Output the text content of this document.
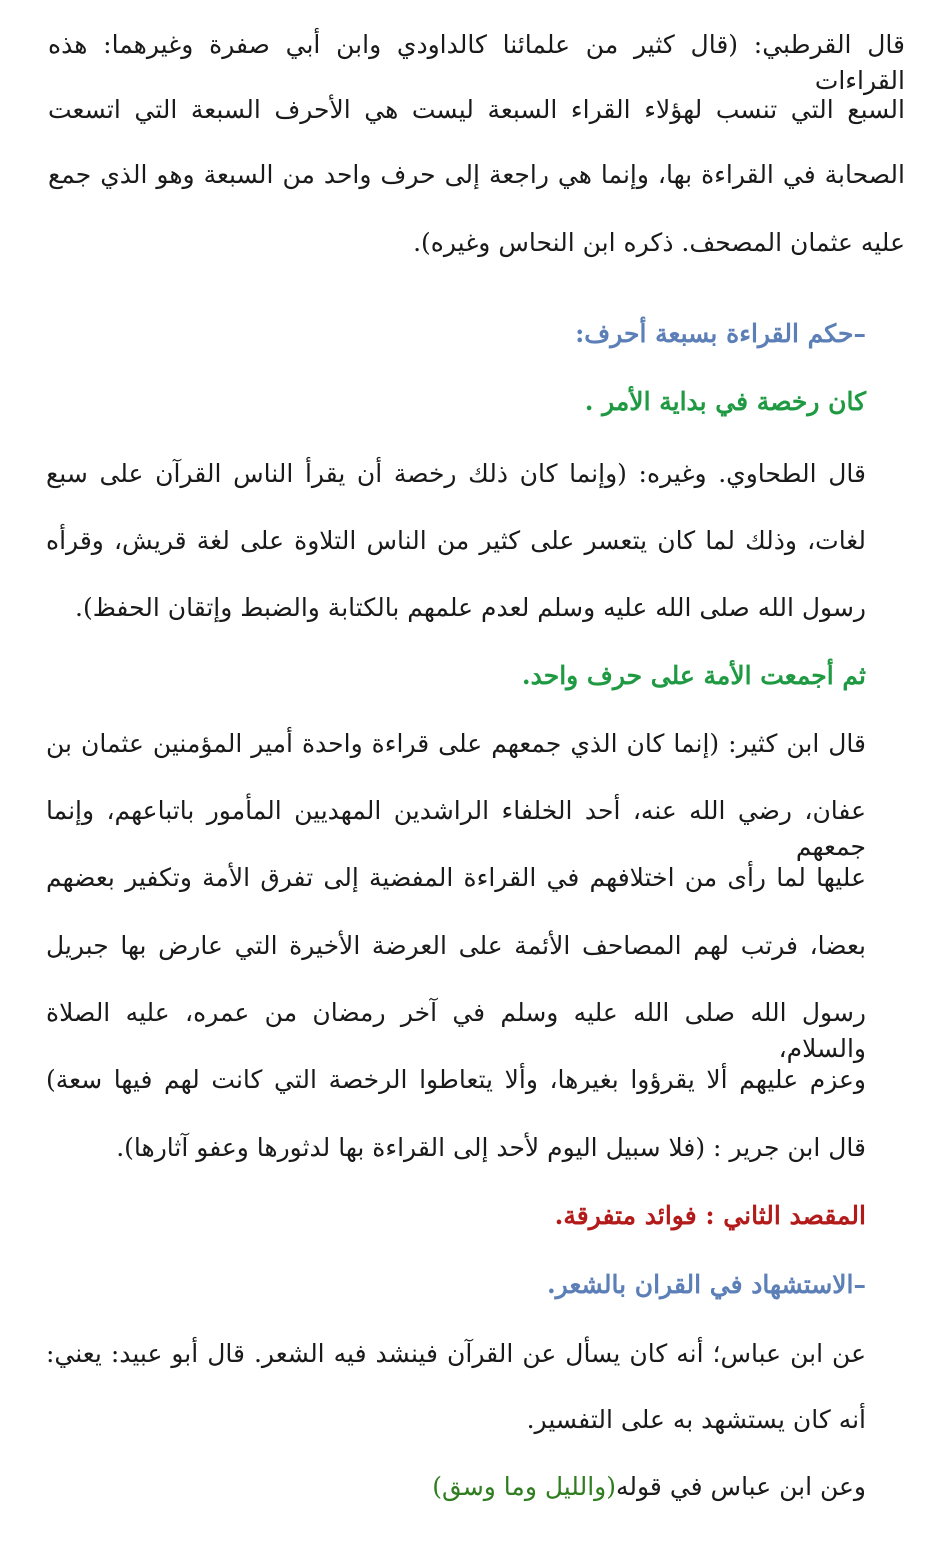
قال القرطبي: (قال كثير من علمائنا كالداودي وابن أبي صفرة وغيرهما: هذه القراءات
السبع التي تنسب لهؤلاء القراء السبعة ليست هي الأحرف السبعة التي اتسعت
الصحابة في القراءة بها، وإنما هي راجعة إلى حرف واحد من السبعة وهو الذي جمع
عليه عثمان المصحف. ذكره ابن النحاس وغيره).
–حكم القراءة بسبعة أحرف:
كان رخصة في بداية الأمر .
قال الطحاوي. وغيره: (وإنما كان ذلك رخصة أن يقرأ الناس القرآن على سبع
لغات، وذلك لما كان يتعسر على كثير من الناس التلاوة على لغة قريش، وقرأه
رسول الله صلى الله عليه وسلم لعدم علمهم بالكتابة والضبط وإتقان الحفظ).
ثم أجمعت الأمة على حرف واحد.
قال ابن كثير: (إنما كان الذي جمعهم على قراءة واحدة أمير المؤمنين عثمان بن
عفان، رضي الله عنه، أحد الخلفاء الراشدين المهديين المأمور باتباعهم، وإنما جمعهم
عليها لما رأى من اختلافهم في القراءة المفضية إلى تفرق الأمة وتكفير بعضهم
بعضا، فرتب لهم المصاحف الأئمة على العرضة الأخيرة التي عارض بها جبريل
رسول الله صلى الله عليه وسلم في آخر رمضان من عمره، عليه الصلاة والسلام،
وعزم عليهم ألا يقرؤوا بغيرها، وألا يتعاطوا الرخصة التي كانت لهم فيها سعة)
قال ابن جرير : (فلا سبيل اليوم لأحد إلى القراءة بها لدثورها وعفو آثارها).
المقصد الثاني : فوائد متفرقة.
–الاستشهاد في القران بالشعر.
عن ابن عباس؛ أنه كان يسأل عن القرآن فينشد فيه الشعر. قال أبو عبيد: يعني:
أنه كان يستشهد به على التفسير.
وعن ابن عباس في قوله(والليل وما وسق)
